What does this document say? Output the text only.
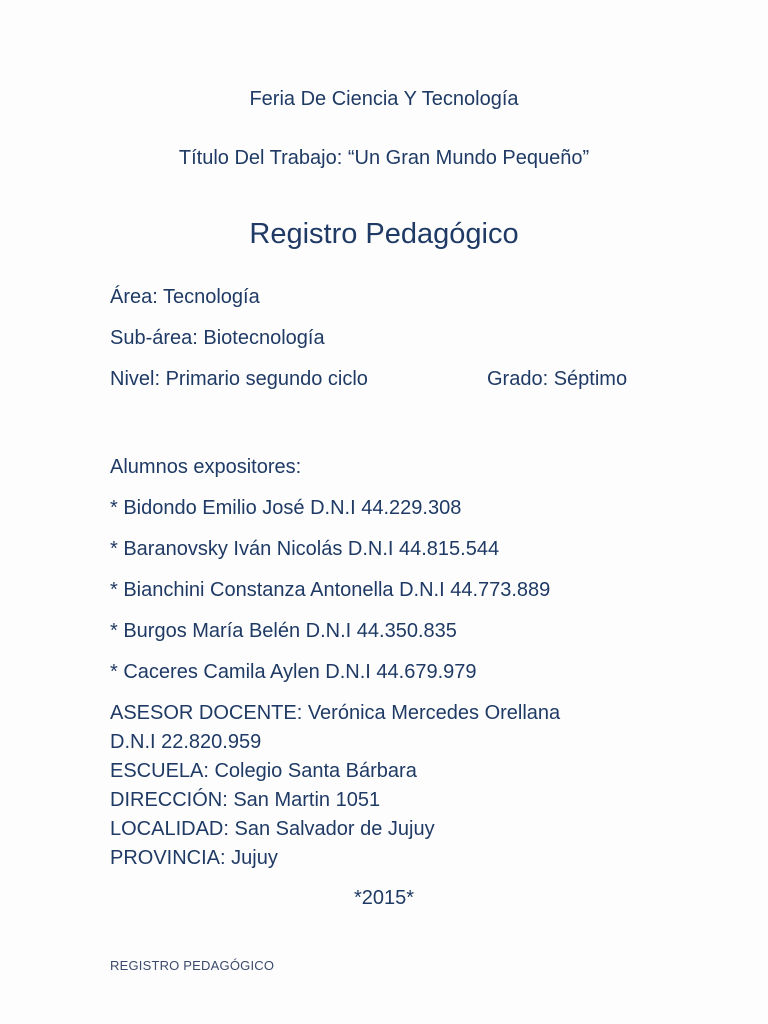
Feria De Ciencia Y Tecnología
Título Del Trabajo: “Un Gran Mundo Pequeño”
Registro Pedagógico
Área: Tecnología
Sub-área: Biotecnología
Nivel: Primario segundo ciclo	Grado: Séptimo
Alumnos expositores:
* Bidondo Emilio José D.N.I 44.229.308
* Baranovsky Iván Nicolás D.N.I 44.815.544
* Bianchini Constanza Antonella D.N.I 44.773.889
* Burgos María Belén D.N.I 44.350.835
* Caceres Camila Aylen D.N.I 44.679.979
ASESOR DOCENTE: Verónica Mercedes Orellana
D.N.I 22.820.959
ESCUELA: Colegio Santa Bárbara
DIRECCIÓN: San Martin 1051
LOCALIDAD: San Salvador de Jujuy
PROVINCIA: Jujuy
*2015*
REGISTRO PEDAGÓGICO
